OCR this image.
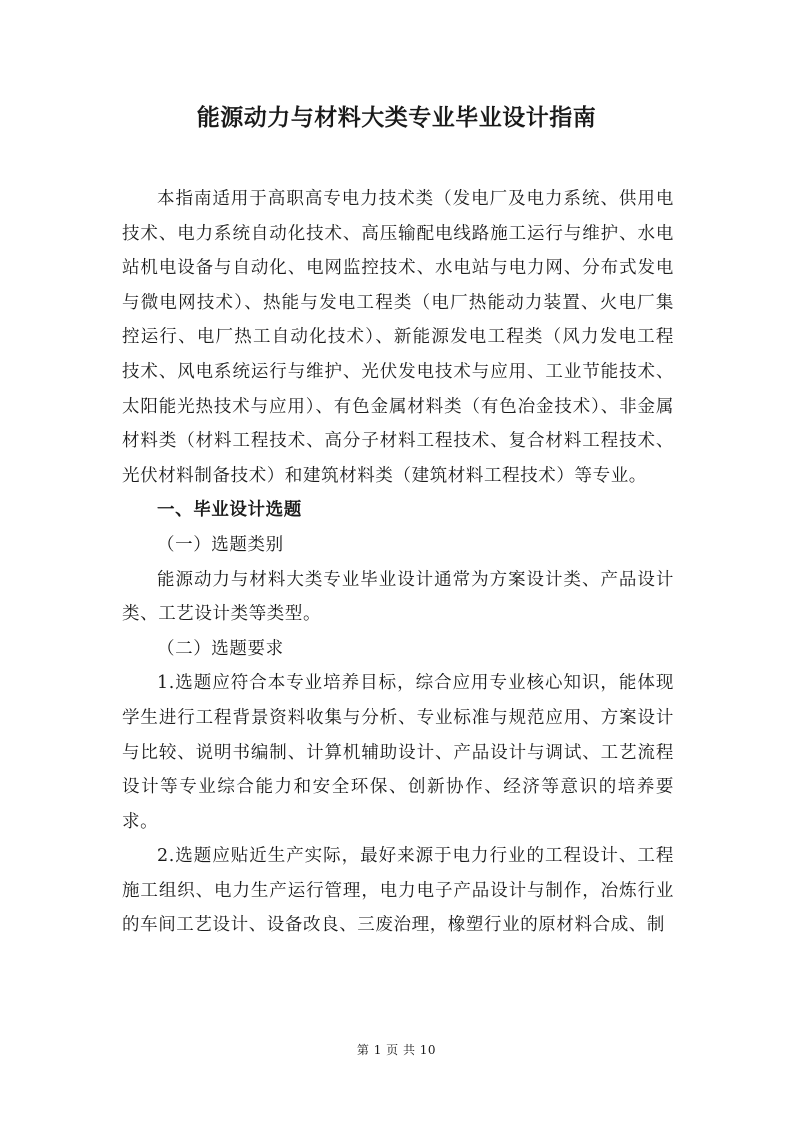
能源动力与材料大类专业毕业设计指南

本指南适用于高职高专电力技术类（发电厂及电力系统、供用电技术、电力系统自动化技术、高压输配电线路施工运行与维护、水电站机电设备与自动化、电网监控技术、水电站与电力网、分布式发电与微电网技术）、热能与发电工程类（电厂热能动力装置、火电厂集控运行、电厂热工自动化技术）、新能源发电工程类（风力发电工程技术、风电系统运行与维护、光伏发电技术与应用、工业节能技术、太阳能光热技术与应用）、有色金属材料类（有色冶金技术）、非金属材料类（材料工程技术、高分子材料工程技术、复合材料工程技术、光伏材料制备技术）和建筑材料类（建筑材料工程技术）等专业。

一、毕业设计选题

（一）选题类别

能源动力与材料大类专业毕业设计通常为方案设计类、产品设计类、工艺设计类等类型。

（二）选题要求

1.选题应符合本专业培养目标，综合应用专业核心知识，能体现学生进行工程背景资料收集与分析、专业标准与规范应用、方案设计与比较、说明书编制、计算机辅助设计、产品设计与调试、工艺流程设计等专业综合能力和安全环保、创新协作、经济等意识的培养要求。

2.选题应贴近生产实际，最好来源于电力行业的工程设计、工程施工组织、电力生产运行管理，电力电子产品设计与制作，冶炼行业的车间工艺设计、设备改良、三废治理，橡塑行业的原材料合成、制

第 1 页 共 10
